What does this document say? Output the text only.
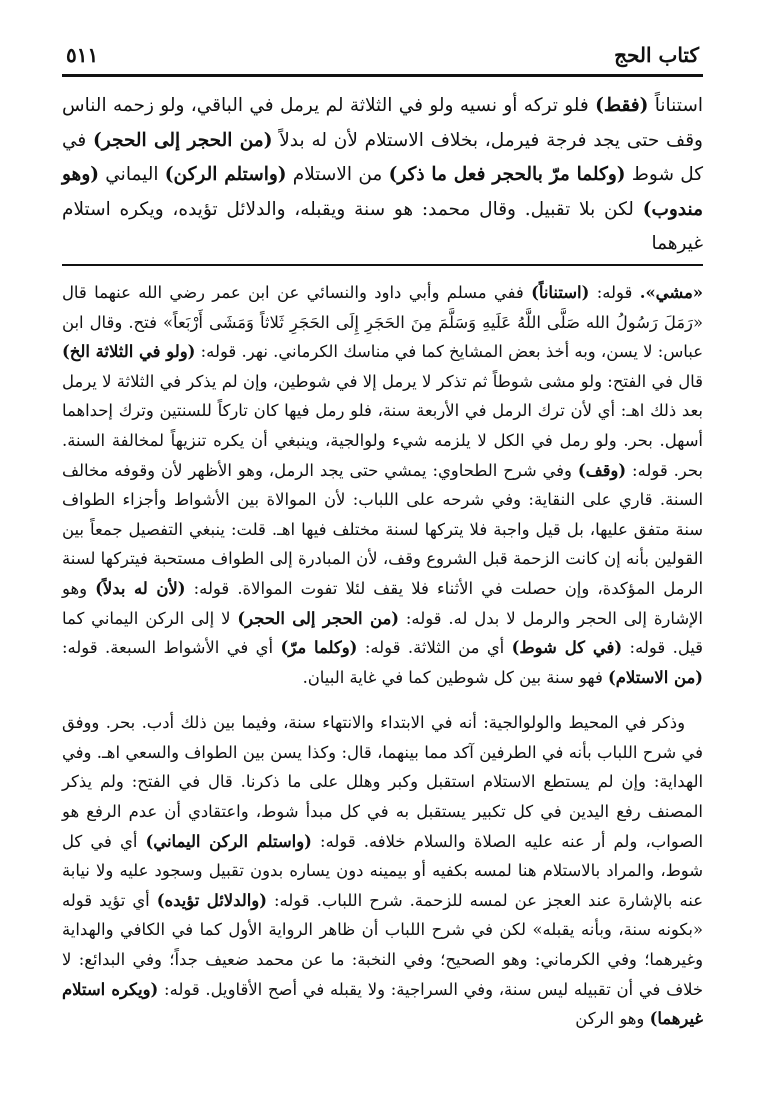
كتاب الحج
٥١١

استناناً (فقط) فلو تركه أو نسيه ولو في الثلاثة لم يرمل في الباقي، ولو زحمه الناس وقف حتى يجد فرجة فيرمل، بخلاف الاستلام لأن له بدلاً (من الحجر إلى الحجر) في كل شوط (وكلما مرّ بالحجر فعل ما ذكر) من الاستلام (واستلم الركن) اليماني (وهو مندوب) لكن بلا تقبيل. وقال محمد: هو سنة ويقبله، والدلائل تؤيده، ويكره استلام غيرهما

«مشي». قوله: (استناناً) ففي مسلم وأبي داود والنسائي عن ابن عمر رضي الله عنهما قال «رَمَلَ رَسُولُ الله صَلَّى اللَّهُ عَلَيهِ وَسَلَّمَ مِنَ الحَجَرِ إِلَى الحَجَرِ ثَلاثاً وَمَشَى أَرْبَعاً» فتح. وقال ابن عباس: لا يسن، وبه أخذ بعض المشايخ كما في مناسك الكرماني. نهر. قوله: (ولو في الثلاثة الخ) قال في الفتح: ولو مشى شوطاً ثم تذكر لا يرمل إلا في شوطين، وإن لم يذكر في الثلاثة لا يرمل بعد ذلك اهـ: أي لأن ترك الرمل في الأربعة سنة، فلو رمل فيها كان تاركاً للسنتين وترك إحداهما أسهل. بحر. ولو رمل في الكل لا يلزمه شيء ولوالجية، وينبغي أن يكره تنزيهاً لمخالفة السنة. بحر. قوله: (وقف) وفي شرح الطحاوي: يمشي حتى يجد الرمل، وهو الأظهر لأن وقوفه مخالف السنة. قاري على النقاية: وفي شرحه على اللباب: لأن الموالاة بين الأشواط وأجزاء الطواف سنة متفق عليها، بل قيل واجبة فلا يتركها لسنة مختلف فيها اهـ. قلت: ينبغي التفصيل جمعاً بين القولين بأنه إن كانت الزحمة قبل الشروع وقف، لأن المبادرة إلى الطواف مستحبة فيتركها لسنة الرمل المؤكدة، وإن حصلت في الأثناء فلا يقف لئلا تفوت الموالاة. قوله: (لأن له بدلاً) وهو الإشارة إلى الحجر والرمل لا بدل له. قوله: (من الحجر إلى الحجر) لا إلى الركن اليماني كما قيل. قوله: (في كل شوط) أي من الثلاثة. قوله: (وكلما مرّ) أي في الأشواط السبعة. قوله: (من الاستلام) فهو سنة بين كل شوطين كما في غاية البيان.

وذكر في المحيط والولوالجية: أنه في الابتداء والانتهاء سنة، وفيما بين ذلك أدب. بحر. ووفق في شرح اللباب بأنه في الطرفين آكد مما بينهما، قال: وكذا يسن بين الطواف والسعي اهـ. وفي الهداية: وإن لم يستطع الاستلام استقبل وكبر وهلل على ما ذكرنا. قال في الفتح: ولم يذكر المصنف رفع اليدين في كل تكبير يستقبل به في كل مبدأ شوط، واعتقادي أن عدم الرفع هو الصواب، ولم أر عنه عليه الصلاة والسلام خلافه. قوله: (واستلم الركن اليماني) أي في كل شوط، والمراد بالاستلام هنا لمسه بكفيه أو بيمينه دون يساره بدون تقبيل وسجود عليه ولا نيابة عنه بالإشارة عند العجز عن لمسه للزحمة. شرح اللباب. قوله: (والدلائل تؤيده) أي تؤيد قوله «بكونه سنة، وبأنه يقبله» لكن في شرح اللباب أن ظاهر الرواية الأول كما في الكافي والهداية وغيرهما؛ وفي الكرماني: وهو الصحيح؛ وفي النخبة: ما عن محمد ضعيف جداً؛ وفي البدائع: لا خلاف في أن تقبيله ليس سنة، وفي السراجية: ولا يقبله في أصح الأقاويل. قوله: (ويكره استلام غيرهما) وهو الركن
